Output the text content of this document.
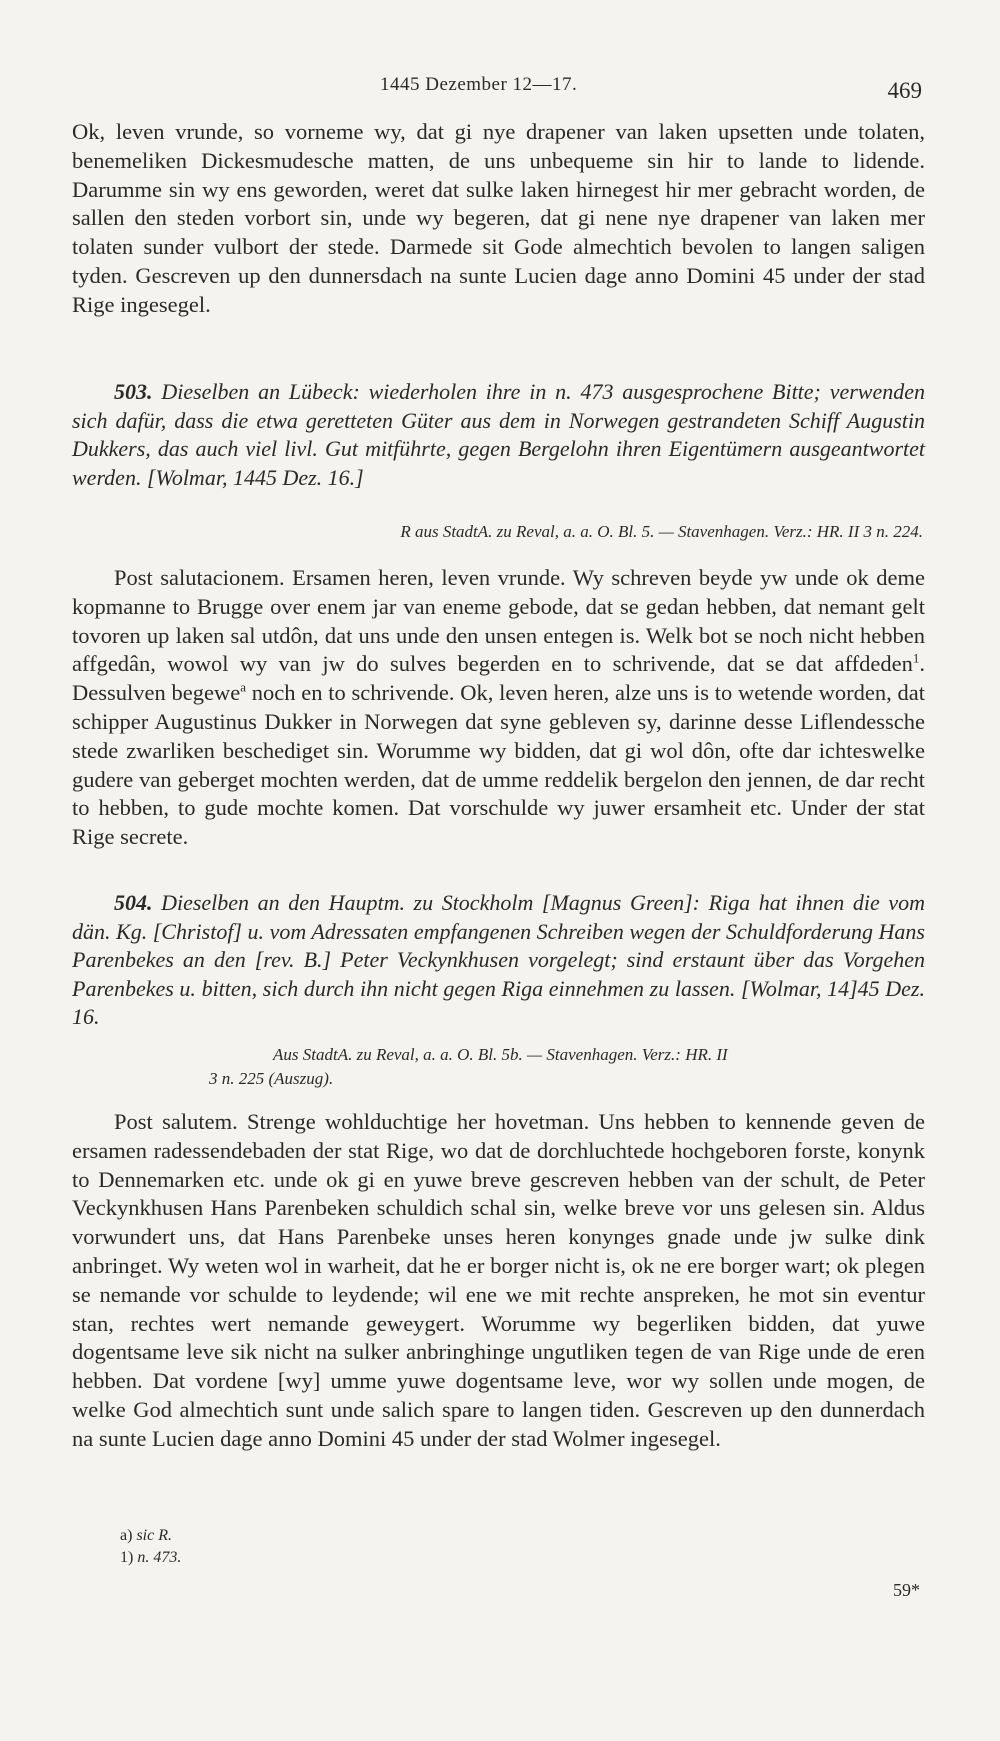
1445 Dezember 12—17.	469

Ok, leven vrunde, so vorneme wy, dat gi nye drapener van laken upsetten unde tolaten, benemeliken Dickesmudesche matten, de uns unbequeme sin hir to lande to lidende. Darumme sin wy ens geworden, weret dat sulke laken hirnegest hir mer gebracht worden, de sallen den steden vorbort sin, unde wy begeren, dat gi nene nye drapener van laken mer tolaten sunder vulbort der stede. Darmede sit Gode almechtich bevolen to langen saligen tyden. Gescreven up den dunnersdach na sunte Lucien dage anno Domini 45 under der stad Rige ingesegel.

503. Dieselben an Lübeck: wiederholen ihre in n. 473 ausgesprochene Bitte; verwenden sich dafür, dass die etwa geretteten Güter aus dem in Norwegen gestrandeten Schiff Augustin Dukkers, das auch viel livl. Gut mitführte, gegen Bergelohn ihren Eigentümern ausgeantwortet werden. [Wolmar, 1445 Dez. 16.]
R aus StadtA. zu Reval, a. a. O. Bl. 5. — Stavenhagen. Verz.: HR. II 3 n. 224.

Post salutacionem. Ersamen heren, leven vrunde. Wy schreven beyde yw unde ok deme kopmanne to Brugge over enem jar van eneme gebode, dat se gedan hebben, dat nemant gelt tovoren up laken sal utdôn, dat uns unde den unsen entegen is. Welk bot se noch nicht hebben affgedân, wowol wy van jw do sulves begerden en to schrivende, dat se dat affdeden$^1$. Dessulven begewe$^a$ noch en to schrivende. Ok, leven heren, alze uns is to wetende worden, dat schipper Augustinus Dukker in Norwegen dat syne gebleven sy, darinne desse Liflendessche stede zwarliken beschediget sin. Worumme wy bidden, dat gi wol dôn, ofte dar ichteswelke gudere van geberget mochten werden, dat de umme reddelik bergelon den jennen, de dar recht to hebben, to gude mochte komen. Dat vorschulde wy juwer ersamheit etc. Under der stat Rige secrete.

504. Dieselben an den Hauptm. zu Stockholm [Magnus Green]: Riga hat ihnen die vom dän. Kg. [Christof] u. vom Adressaten empfangenen Schreiben wegen der Schuldforderung Hans Parenbekes an den [rev. B.] Peter Veckynkhusen vorgelegt; sind erstaunt über das Vorgehen Parenbekes u. bitten, sich durch ihn nicht gegen Riga einnehmen zu lassen. [Wolmar, 14]45 Dez. 16.
Aus StadtA. zu Reval, a. a. O. Bl. 5b. — Stavenhagen. Verz.: HR. II
3 n. 225 (Auszug).

Post salutem. Strenge wohlduchtige her hovetman. Uns hebben to kennende geven de ersamen radessendebaden der stat Rige, wo dat de dorchluchtede hochgeboren forste, konynk to Dennemarken etc. unde ok gi en yuwe breve gescreven hebben van der schult, de Peter Veckynkhusen Hans Parenbeken schuldich schal sin, welke breve vor uns gelesen sin. Aldus vorwundert uns, dat Hans Parenbeke unses heren konynges gnade unde jw sulke dink anbringet. Wy weten wol in warheit, dat he er borger nicht is, ok ne ere borger wart; ok plegen se nemande vor schulde to leydende; wil ene we mit rechte anspreken, he mot sin eventur stan, rechtes wert nemande geweygert. Worumme wy begerliken bidden, dat yuwe dogentsame leve sik nicht na sulker anbringhinge ungutliken tegen de van Rige unde de eren hebben. Dat vordene [wy] umme yuwe dogentsame leve, wor wy sollen unde mogen, de welke God almechtich sunt unde salich spare to langen tiden. Gescreven up den dunnerdach na sunte Lucien dage anno Domini 45 under der stad Wolmer ingesegel.

a) sic R.

1) n. 473.

59*
